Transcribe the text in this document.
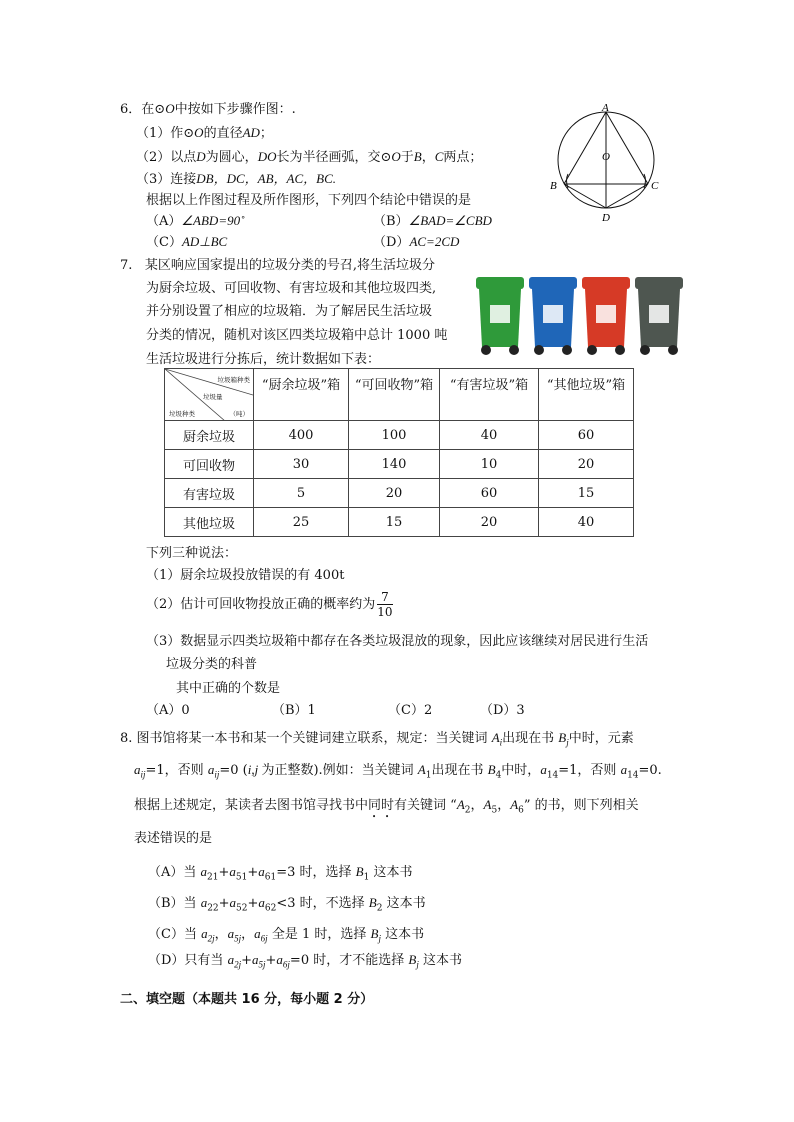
6．在⊙O中按如下步骤作图：.
（1）作⊙O的直径AD；
（2）以点D为圆心，DO长为半径画弧，交⊙O于B，C两点；
（3）连接DB，DC，AB，AC，BC.
根据以上作图过程及所作图形，下列四个结论中错误的是
（A）∠ABD=90˚	（B）∠BAD=∠CBD
（C）AD⊥BC	（D）AC=2CD
A
O
B	C
D
7. 某区响应国家提出的垃圾分类的号召,将生活垃圾分
为厨余垃圾、可回收物、有害垃圾和其他垃圾四类,
并分别设置了相应的垃圾箱．为了解居民生活垃圾
分类的情况，随机对该区四类垃圾箱中总计 1000 吨
生活垃圾进行分拣后，统计数据如下表：
垃圾箱种类
垃圾量
垃圾种类 （吨）	“厨余垃圾”箱	“可回收物”箱	“有害垃圾”箱	“其他垃圾”箱
厨余垃圾	400	100	40	60
可回收物	30	140	10	20
有害垃圾	5	20	60	15
其他垃圾	25	15	20	40
下列三种说法：
（1）厨余垃圾投放错误的有 400t
（2）估计可回收物投放正确的概率约为 $\frac{7}{10}$
（3）数据显示四类垃圾箱中都存在各类垃圾混放的现象，因此应该继续对居民进行生活
垃圾分类的科普
其中正确的个数是
（A）0	（B）1	（C）2	（D）3
8. 图书馆将某一本书和某一个关键词建立联系，规定：当关键词 $A_i$出现在书 $B_j$中时，元素
$a_{ij}=1$，否则 $a_{ij}=0$ (i,j 为正整数).例如：当关键词 $A_1$出现在书 $B_4$中时，$a_{14}=1$，否则 $a_{14}=0$.
根据上述规定，某读者去图书馆寻找书中同时有关键词 “$A_2$，$A_5$，$A_6$” 的书，则下列相关
表述错误的是
（A）当 $a_{21}+a_{51}+a_{61}=3$ 时，选择 $B_1$ 这本书
（B）当 $a_{22}+a_{52}+a_{62}<3$ 时，不选择 $B_2$ 这本书
（C）当 $a_{2j}$，$a_{5j}$，$a_{6j}$ 全是 1 时，选择 $B_j$ 这本书
（D）只有当 $a_{2j}+a_{5j}+a_{6j}=0$ 时，才不能选择 $B_j$ 这本书
二、填空题（本题共 16 分，每小题 2 分）
